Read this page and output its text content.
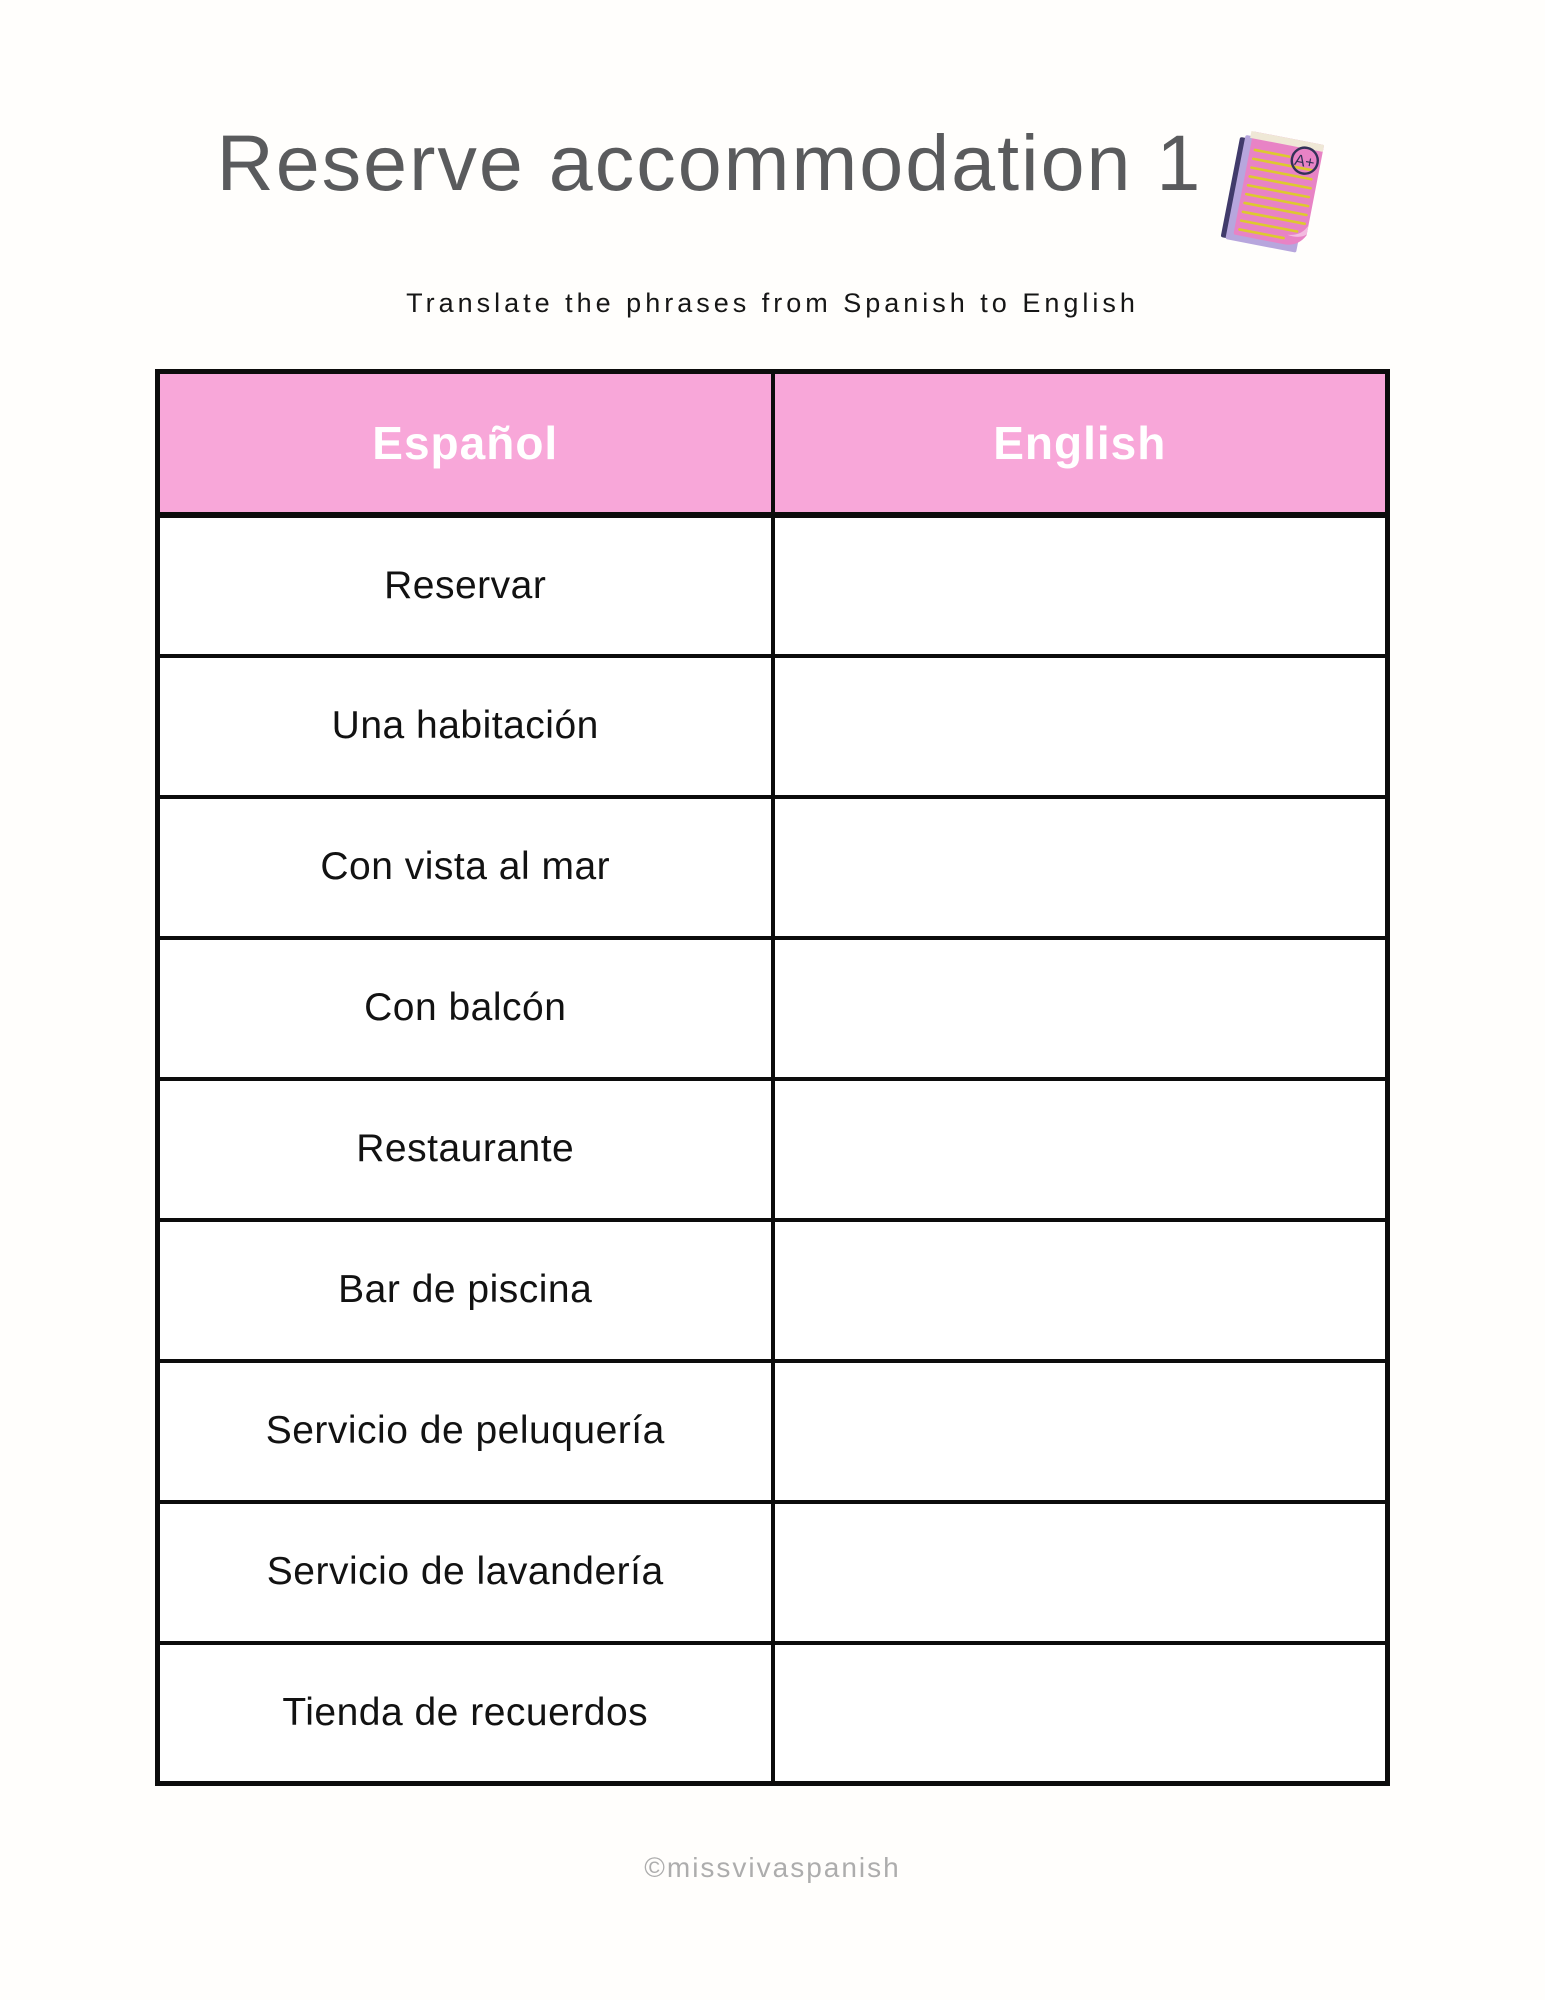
Reserve accommodation 1	A+
Translate the phrases from Spanish to English
Español	English
Reservar	
Una habitación	
Con vista al mar	
Con balcón	
Restaurante	
Bar de piscina	
Servicio de peluquería	
Servicio de lavandería	
Tienda de recuerdos	
©missvivaspanish
